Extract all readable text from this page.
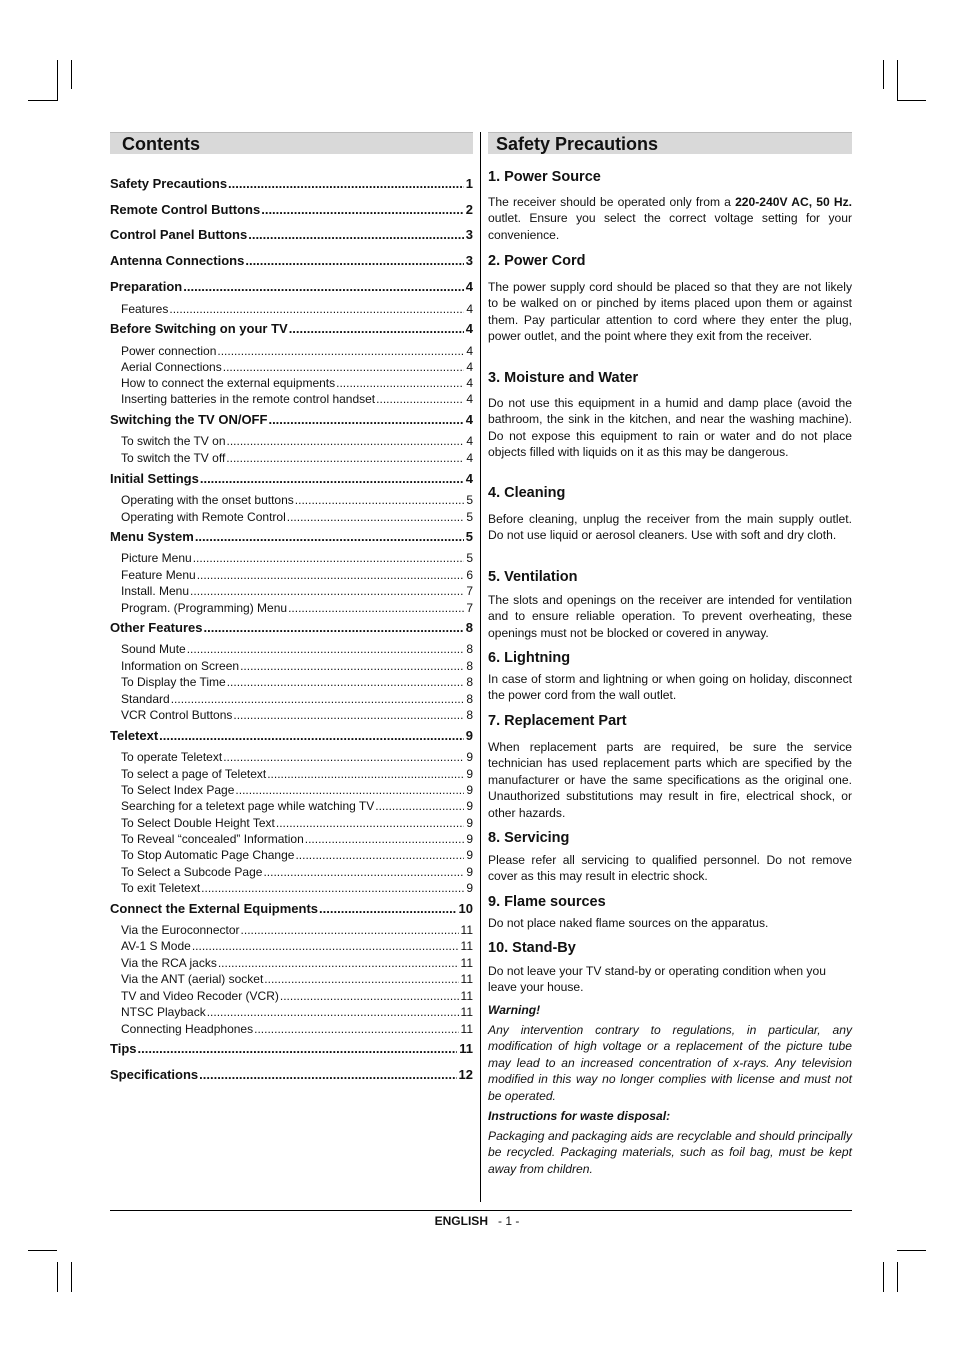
Contents	Safety Precautions
Safety Precautions .....	1
Remote Control Buttons .....	2
Control Panel Buttons .....	3
Antenna Connections .....	3
Preparation .....	4
Features .....	4
Before Switching on your TV .....	4
Power connection .....	4
Aerial Connections .....	4
How to connect the external equipments .....	4
Inserting batteries in the remote control handset .....	4
Switching the TV ON/OFF .....	4
To switch the TV on .....	4
To switch the TV off .....	4
Initial Settings .....	4
Operating with the onset buttons .....	5
Operating with Remote Control .....	5
Menu System .....	5
Picture Menu .....	5
Feature Menu .....	6
Install. Menu .....	7
Program. (Programming) Menu .....	7
Other Features .....	8
Sound Mute .....	8
Information on Screen .....	8
To Display the Time .....	8
Standard .....	8
VCR Control Buttons .....	8
Teletext .....	9
To operate Teletext .....	9
To select a page of Teletext .....	9
To Select Index Page .....	9
Searching for a teletext page while watching TV .....	9
To Select Double Height Text .....	9
To Reveal “concealed” Information .....	9
To Stop Automatic Page Change .....	9
To Select a Subcode Page .....	9
To exit Teletext .....	9
Connect the External Equipments .....	10
Via the Euroconnector .....	11
AV-1 S Mode .....	11
Via the RCA jacks .....	11
Via the ANT (aerial) socket .....	11
TV and Video Recoder (VCR) .....	11
NTSC Playback .....	11
Connecting Headphones .....	11
Tips .....	11
Specifications .....	12
1. Power Source

The receiver should be operated only from a 220-240V AC, 50 Hz. outlet. Ensure you select the correct voltage setting for your convenience.

2. Power Cord

The power supply cord should be placed so that they are not likely to be walked on or pinched by items placed upon them or against them. Pay particular attention to cord where they enter the plug, power outlet, and the point where they exit from the receiver.

3. Moisture and Water

Do not use this equipment in a humid and damp place (avoid the bathroom, the sink in the kitchen, and near the washing machine). Do not expose this equipment to rain or water and do not place objects filled with liquids on it as this may be dangerous.

4. Cleaning

Before cleaning, unplug the receiver from the main supply outlet. Do not use liquid or aerosol cleaners. Use with soft and dry cloth.

5. Ventilation

The slots and openings on the receiver are intended for ventilation and to ensure reliable operation. To prevent overheating, these openings must not be blocked or covered in anyway.

6. Lightning

In case of storm and lightning or when going on holiday, disconnect the power cord from the wall outlet.

7. Replacement Part

When replacement parts are required, be sure the service technician has used replacement parts which are specified by the manufacturer or have the same specifications as the original one. Unauthorized substitutions may result in fire, electrical shock, or other hazards.

8. Servicing

Please refer all servicing to qualified personnel. Do not remove cover as this may result in electric shock.

9. Flame sources

Do not place naked flame sources on the apparatus.

10. Stand-By

Do not leave your TV stand-by or operating condition when you leave your house.

Warning!

Any intervention contrary to regulations, in particular, any modification of high voltage or a replacement of the picture tube may lead to an increased concentration of x-rays. Any television modified in this way no longer complies with license and must not be operated.

Instructions for waste disposal:

Packaging and packaging aids are recyclable and should principally be recycled. Packaging materials, such as foil bag, must be kept away from children.

ENGLISH - 1 -
